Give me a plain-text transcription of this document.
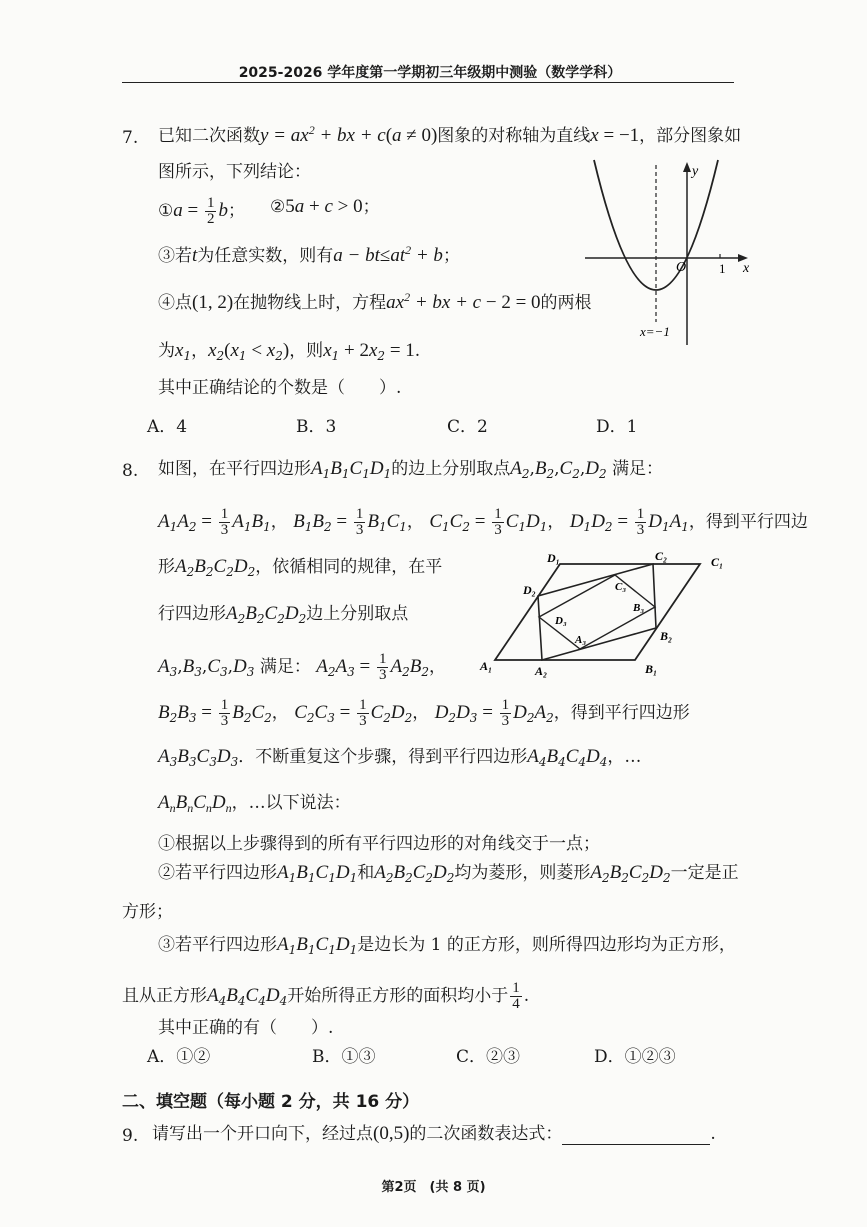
2025-2026 学年度第一学期初三年级期中测验（数学学科）
7. 已知二次函数$y = ax^2$ + bx + c(a ≠ 0)图象的对称轴为直线x = −1，部分图象如
图所示，下列结论：
①a = $\frac{1}{2}$ b； ②5a + c > 0；
③若t为任意实数，则有$a - bt\le at^2 + b$；
④点(1, 2)在抛物线上时，方程$ax^2$ + bx + c − 2 = 0的两根
为$x_1$，$x_2(x_1 < x_2)$，则$x_1 + 2x_2 = 1$.
其中正确结论的个数是（　　）.
A．4	B．3	C．2	D．1
y
x
O	1
x=−1
8. 如图，在平行四边形$A_1B_1C_1D_1$的边上分别取点$A_2,B_2,C_2,D_2$ 满足：
$A_1A_2 = \frac{1}{3} A_1B_1$， $B_1B_2 = \frac{1}{3} B_1C_1$， $C_1C_2 = \frac{1}{3} C_1D_1$， $D_1D_2 = \frac{1}{3} D_1A_1$，得到平行四边
形$A_2B_2C_2D_2$，依循相同的规律，在平
行四边形$A_2B_2C_2D_2$边上分别取点
$A_3,B_3,C_3,D_3$ 满足： $A_2A_3 = \frac{1}{3} A_2B_2$，
$B_2B_3 = \frac{1}{3} B_2C_2$， $C_2C_3 = \frac{1}{3} C_2D_2$， $D_2D_3 = \frac{1}{3} D_2A_2$，得到平行四边形
$A_3B_3C_3D_3$．不断重复这个步骤，得到平行四边形$A_4B_4C_4D_4$，…
$A_nB_nC_nD_n$，…以下说法：
①根据以上步骤得到的所有平行四边形的对角线交于一点；
②若平行四边形$A_1B_1C_1D_1$和$A_2B_2C_2D_2$均为菱形，则菱形$A_2B_2C_2D_2$一定是正
方形；
③若平行四边形$A_1B_1C_1D_1$是边长为 1 的正方形，则所得四边形均为正方形，
且从正方形$A_4B_4C_4D_4$开始所得正方形的面积均小于 $\frac{1}{4}$ .
其中正确的有（　　）.
A．①②	B．①③	C．②③	D．①②③
A₁	B₁
C₁
D₁
A₂
B₂
C₂
D₂
A₃
B₃
C₃
D₃
二、填空题（每小题 2 分，共 16 分）
9. 请写出一个开口向下，经过点(0,5)的二次函数表达式：	.
第2页　(共 8 页)
